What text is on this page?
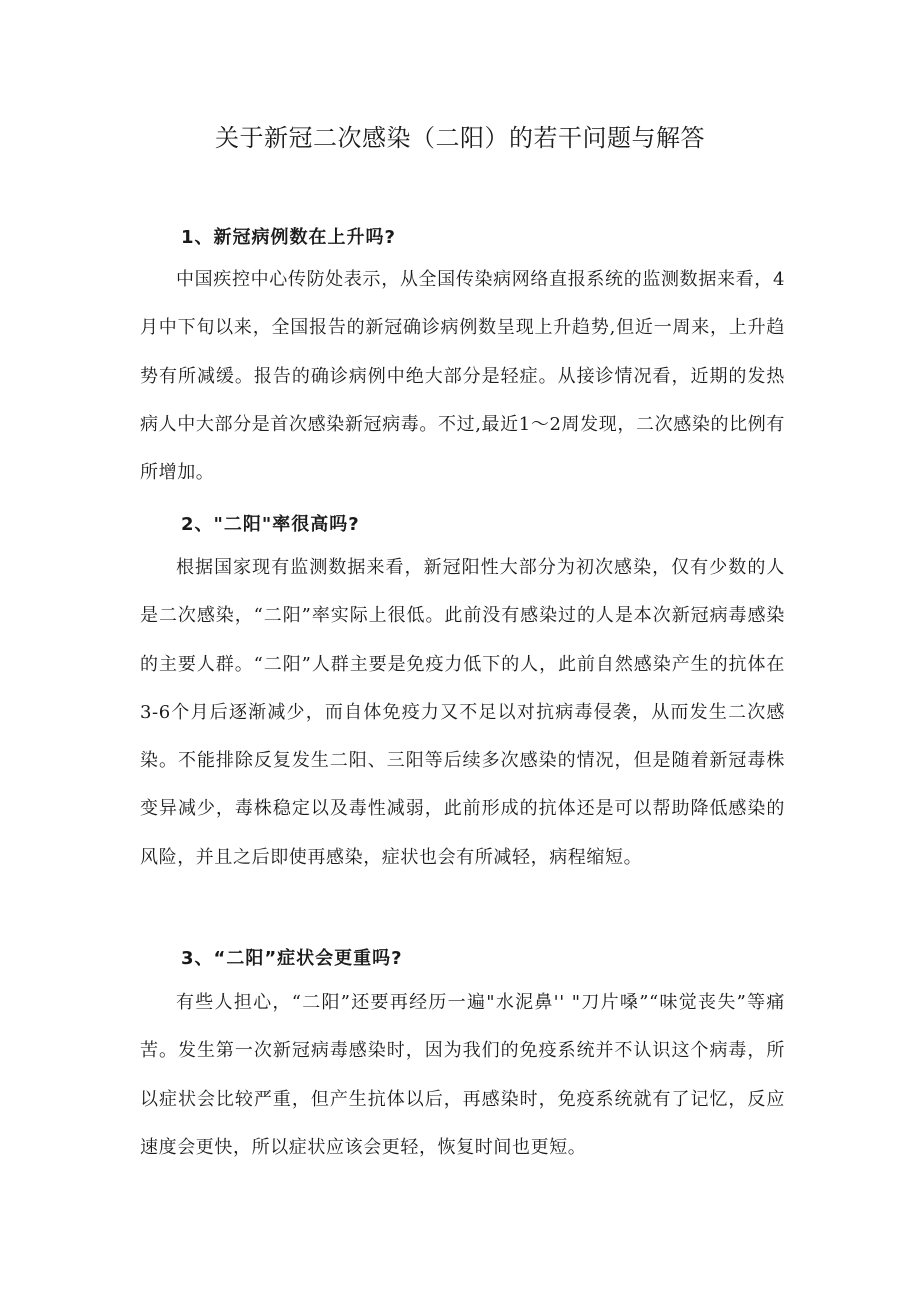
关于新冠二次感染（二阳）的若干问题与解答
1、新冠病例数在上升吗?
中国疾控中心传防处表示，从全国传染病网络直报系统的监测数据来看，4月中下旬以来，全国报告的新冠确诊病例数呈现上升趋势,但近一周来，上升趋势有所减缓。报告的确诊病例中绝大部分是轻症。从接诊情况看，近期的发热病人中大部分是首次感染新冠病毒。不过,最近1～2周发现，二次感染的比例有所增加。
2、"二阳"率很高吗?
根据国家现有监测数据来看，新冠阳性大部分为初次感染，仅有少数的人是二次感染，“二阳”率实际上很低。此前没有感染过的人是本次新冠病毒感染的主要人群。“二阳”人群主要是免疫力低下的人，此前自然感染产生的抗体在3-6个月后逐渐减少，而自体免疫力又不足以对抗病毒侵袭，从而发生二次感染。不能排除反复发生二阳、三阳等后续多次感染的情况，但是随着新冠毒株变异减少，毒株稳定以及毒性减弱，此前形成的抗体还是可以帮助降低感染的风险，并且之后即使再感染，症状也会有所减轻，病程缩短。
3、“二阳”症状会更重吗?
有些人担心，“二阳”还要再经历一遍"水泥鼻'' "刀片嗓”“味觉丧失”等痛苦。发生第一次新冠病毒感染时，因为我们的免疫系统并不认识这个病毒，所以症状会比较严重，但产生抗体以后，再感染时，免疫系统就有了记忆，反应速度会更快，所以症状应该会更轻，恢复时间也更短。
